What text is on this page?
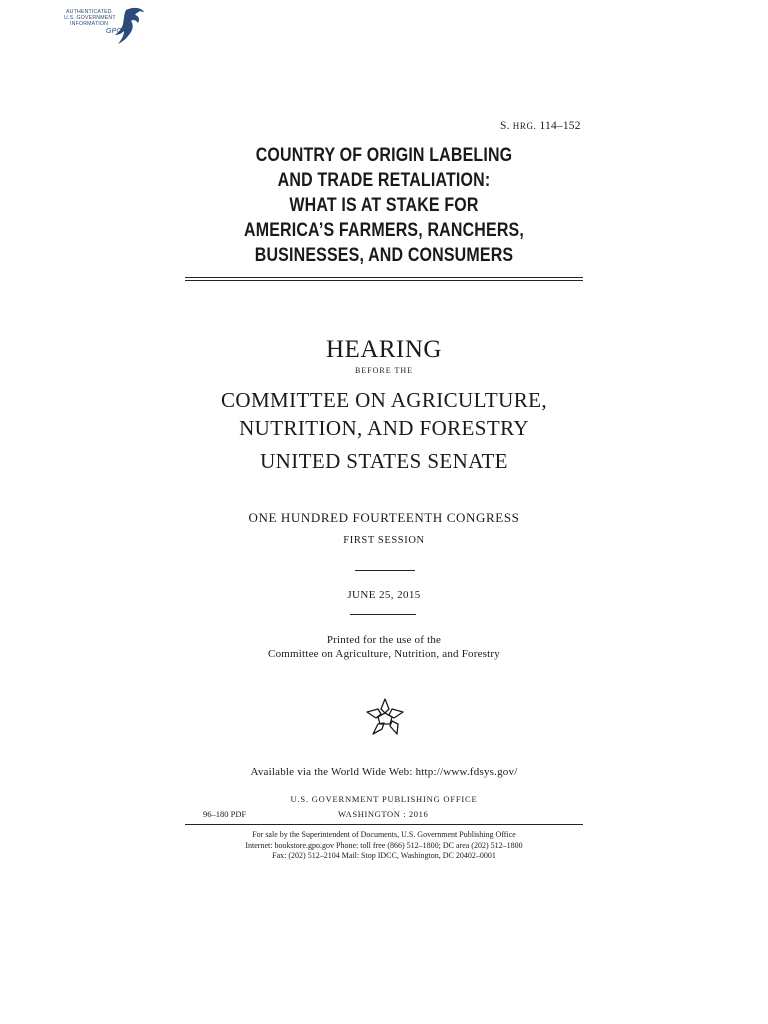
AUTHENTICATED
U.S. GOVERNMENT
INFORMATION
GPO
S. HRG. 114–152
COUNTRY OF ORIGIN LABELING
AND TRADE RETALIATION:
WHAT IS AT STAKE FOR
AMERICA’S FARMERS, RANCHERS,
BUSINESSES, AND CONSUMERS
HEARING
BEFORE THE
COMMITTEE ON AGRICULTURE,
NUTRITION, AND FORESTRY
UNITED STATES SENATE
ONE HUNDRED FOURTEENTH CONGRESS
FIRST SESSION
JUNE 25, 2015
Printed for the use of the
Committee on Agriculture, Nutrition, and Forestry
Available via the World Wide Web: http://www.fdsys.gov/
U.S. GOVERNMENT PUBLISHING OFFICE
96–180 PDF	WASHINGTON : 2016
For sale by the Superintendent of Documents, U.S. Government Publishing Office
Internet: bookstore.gpo.gov Phone: toll free (866) 512–1800; DC area (202) 512–1800
Fax: (202) 512–2104 Mail: Stop IDCC, Washington, DC 20402–0001
